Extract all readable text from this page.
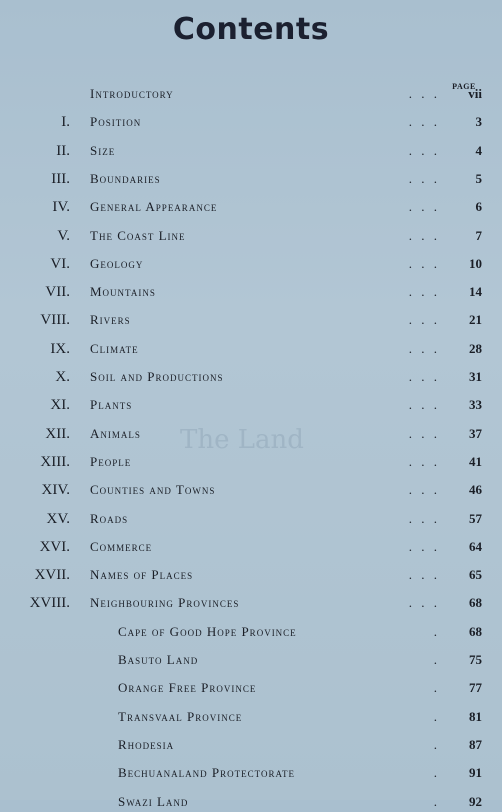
The Land
Contents
PAGE
Introductory	. . .	vii
I. Position	. . .	3
II. Size	. . .	4
III. Boundaries	. . .	5
IV. General Appearance	. . .	6
V. The Coast Line	. . .	7
VI. Geology	. . .	10
VII. Mountains	. . .	14
VIII. Rivers	. . .	21
IX. Climate	. . .	28
X. Soil and Productions	. . .	31
XI. Plants	. . .	33
XII. Animals	. . .	37
XIII. People	. . .	41
XIV. Counties and Towns	. . .	46
XV. Roads	. . .	57
XVI. Commerce	. . .	64
XVII. Names of Places	. . .	65
XVIII. Neighbouring Provinces	. . .	68
Cape of Good Hope Province	.	68
Basuto Land	.	75
Orange Free Province	.	77
Transvaal Province	.	81
Rhodesia	.	87
Bechuanaland Protectorate	.	91
Swazi Land	.	92
